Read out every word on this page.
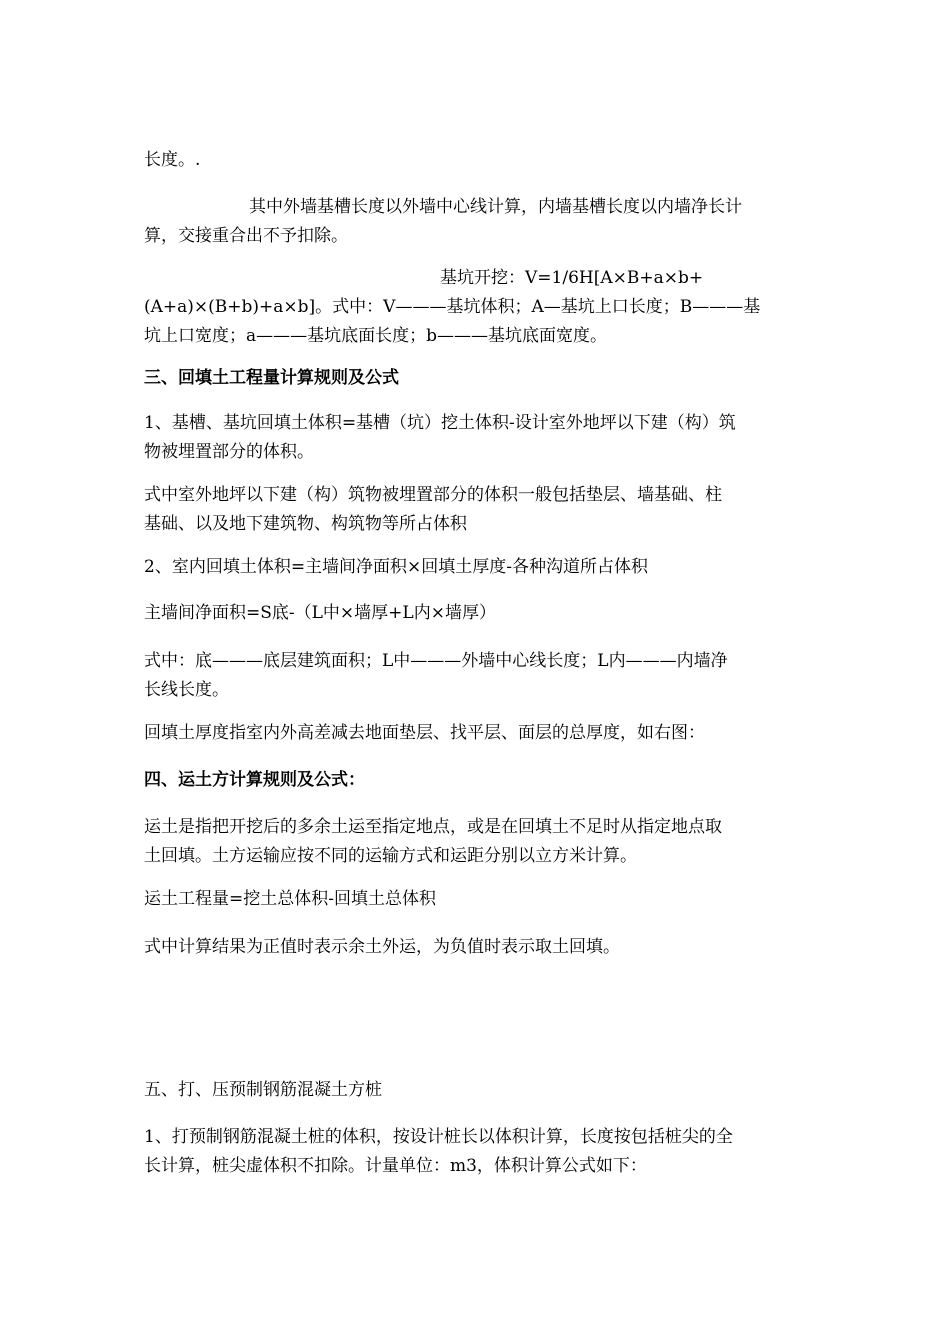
长度。.

其中外墙基槽长度以外墙中心线计算，内墙基槽长度以内墙净长计
算，交接重合出不予扣除。

基坑开挖：V=1/6H[A×B+a×b+
(A+a)×(B+b)+a×b]。式中：V———基坑体积；A—基坑上口长度；B———基
坑上口宽度；a———基坑底面长度；b———基坑底面宽度。

三、回填土工程量计算规则及公式

1、基槽、基坑回填土体积=基槽（坑）挖土体积-设计室外地坪以下建（构）筑
物被埋置部分的体积。

式中室外地坪以下建（构）筑物被埋置部分的体积一般包括垫层、墙基础、柱
基础、以及地下建筑物、构筑物等所占体积

2、室内回填土体积=主墙间净面积×回填土厚度-各种沟道所占体积

主墙间净面积=S底-（L中×墙厚+L内×墙厚）

式中：底———底层建筑面积；L中———外墙中心线长度；L内———内墙净
长线长度。

回填土厚度指室内外高差减去地面垫层、找平层、面层的总厚度，如右图：

四、运土方计算规则及公式：

运土是指把开挖后的多余土运至指定地点，或是在回填土不足时从指定地点取
土回填。土方运输应按不同的运输方式和运距分别以立方米计算。

运土工程量=挖土总体积-回填土总体积

式中计算结果为正值时表示余土外运，为负值时表示取土回填。

五、打、压预制钢筋混凝土方桩

1、打预制钢筋混凝土桩的体积，按设计桩长以体积计算，长度按包括桩尖的全
长计算，桩尖虚体积不扣除。计量单位：m3，体积计算公式如下：
